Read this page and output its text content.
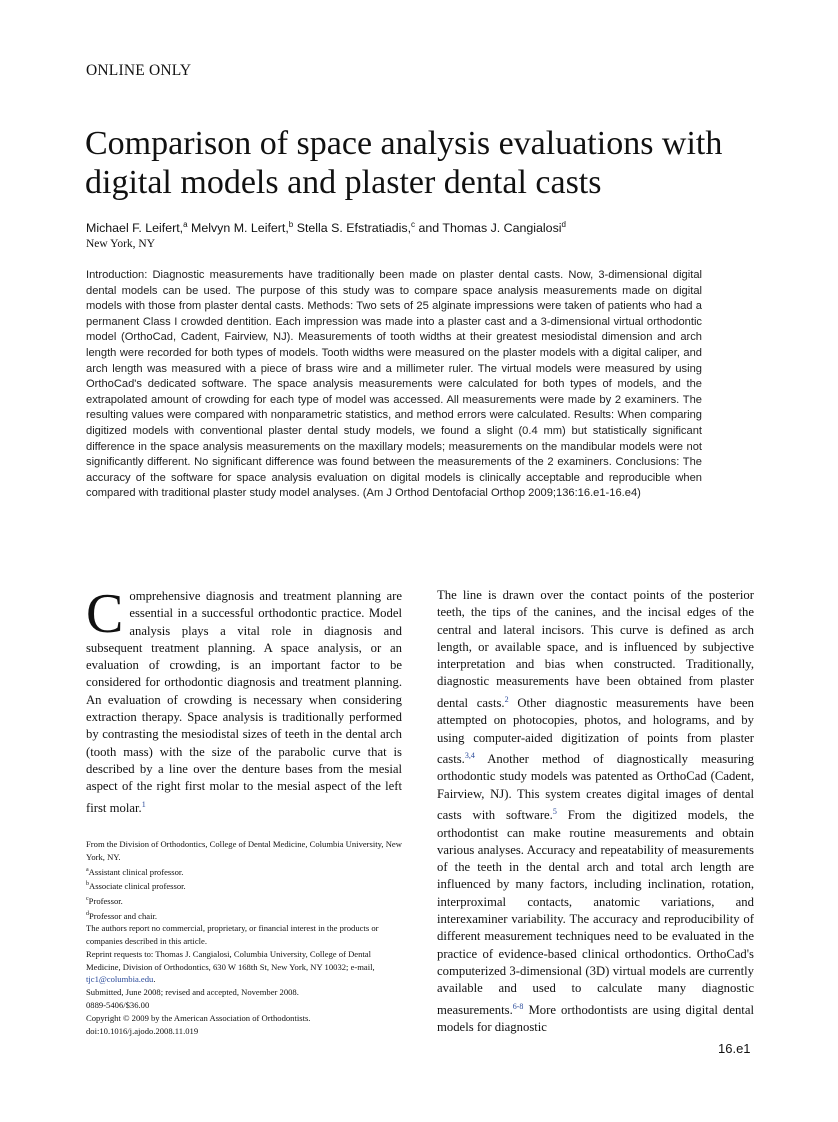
ONLINE ONLY
Comparison of space analysis evaluations with digital models and plaster dental casts
Michael F. Leifert,$^a$ Melvyn M. Leifert,$^b$ Stella S. Efstratiadis,$^c$ and Thomas J. Cangialosi$^d$
New York, NY

Introduction: Diagnostic measurements have traditionally been made on plaster dental casts. Now, 3-dimensional digital dental models can be used. The purpose of this study was to compare space analysis measurements made on digital models with those from plaster dental casts. Methods: Two sets of 25 alginate impressions were taken of patients who had a permanent Class I crowded dentition. Each impression was made into a plaster cast and a 3-dimensional virtual orthodontic model (OrthoCad, Cadent, Fairview, NJ). Measurements of tooth widths at their greatest mesiodistal dimension and arch length were recorded for both types of models. Tooth widths were measured on the plaster models with a digital caliper, and arch length was measured with a piece of brass wire and a millimeter ruler. The virtual models were measured by using OrthoCad's dedicated software. The space analysis measurements were calculated for both types of models, and the extrapolated amount of crowding for each type of model was accessed. All measurements were made by 2 examiners. The resulting values were compared with nonparametric statistics, and method errors were calculated. Results: When comparing digitized models with conventional plaster dental study models, we found a slight (0.4 mm) but statistically significant difference in the space analysis measurements on the maxillary models; measurements on the mandibular models were not significantly different. No significant difference was found between the measurements of the 2 examiners. Conclusions: The accuracy of the software for space analysis evaluation on digital models is clinically acceptable and reproducible when compared with traditional plaster study model analyses. (Am J Orthod Dentofacial Orthop 2009;136:16.e1-16.e4)

Comprehensive diagnosis and treatment planning are essential in a successful orthodontic practice. Model analysis plays a vital role in diagnosis and subsequent treatment planning. A space analysis, or an evaluation of crowding, is an important factor to be considered for orthodontic diagnosis and treatment planning. An evaluation of crowding is necessary when considering extraction therapy. Space analysis is traditionally performed by contrasting the mesiodistal sizes of teeth in the dental arch (tooth mass) with the size of the parabolic curve that is described by a line over the denture bases from the mesial aspect of the right first molar to the mesial aspect of the left first molar.$^1$

The line is drawn over the contact points of the posterior teeth, the tips of the canines, and the incisal edges of the central and lateral incisors. This curve is defined as arch length, or available space, and is influenced by subjective interpretation and bias when constructed. Traditionally, diagnostic measurements have been obtained from plaster dental casts.$^2$ Other diagnostic measurements have been attempted on photocopies, photos, and holograms, and by using computer-aided digitization of points from plaster casts.$^{3,4}$ Another method of diagnostically measuring orthodontic study models was patented as OrthoCad (Cadent, Fairview, NJ). This system creates digital images of dental casts with software.$^5$ From the digitized models, the orthodontist can make routine measurements and obtain various analyses. Accuracy and repeatability of measurements of the teeth in the dental arch and total arch length are influenced by many factors, including inclination, rotation, interproximal contacts, anatomic variations, and interexaminer variability. The accuracy and reproducibility of different measurement techniques need to be evaluated in the practice of evidence-based clinical orthodontics. OrthoCad's computerized 3-dimensional (3D) virtual models are currently available and used to calculate many diagnostic measurements.$^{6-8}$ More orthodontists are using digital dental models for diagnostic

From the Division of Orthodontics, College of Dental Medicine, Columbia University, New York, NY.
$^a$Assistant clinical professor.
$^b$Associate clinical professor.
$^c$Professor.
$^d$Professor and chair.
The authors report no commercial, proprietary, or financial interest in the products or companies described in this article.
Reprint requests to: Thomas J. Cangialosi, Columbia University, College of Dental Medicine, Division of Orthodontics, 630 W 168th St, New York, NY 10032; e-mail, tjc1@columbia.edu.
Submitted, June 2008; revised and accepted, November 2008.
0889-5406/$36.00
Copyright © 2009 by the American Association of Orthodontists.
doi:10.1016/j.ajodo.2008.11.019
16.e1
